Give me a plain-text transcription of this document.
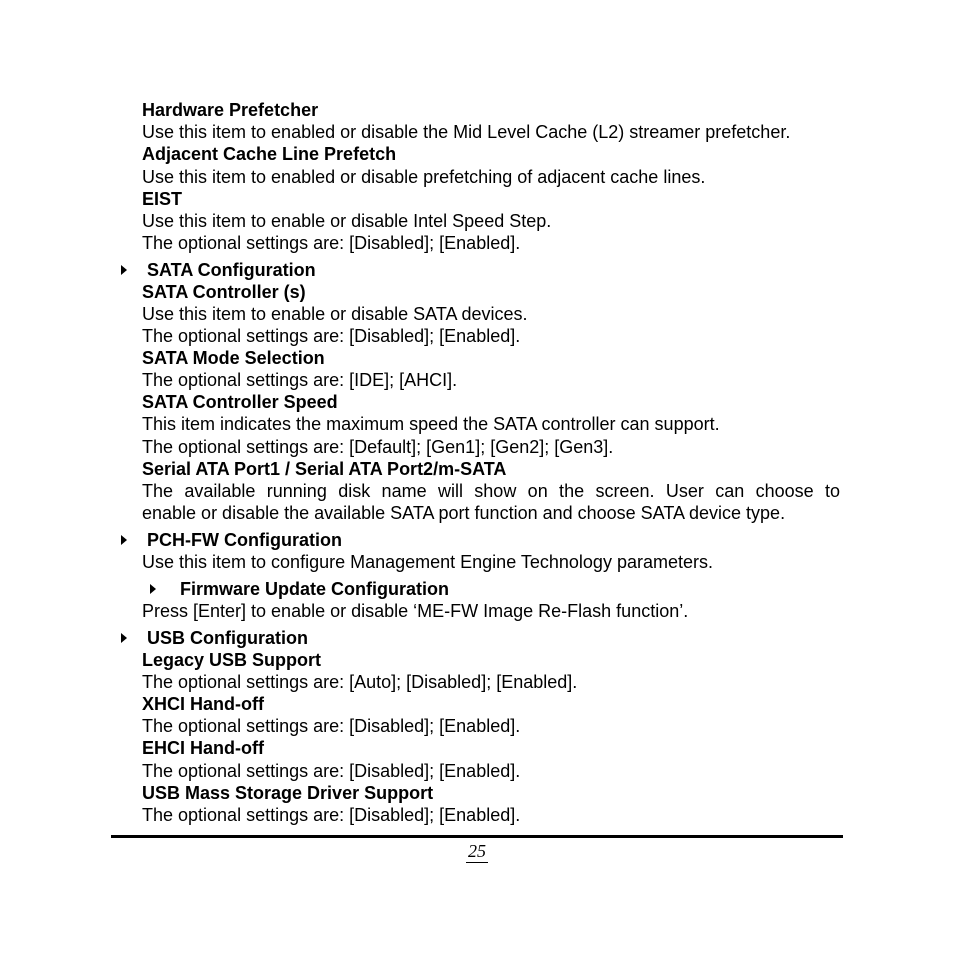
Hardware Prefetcher
Use this item to enabled or disable the Mid Level Cache (L2) streamer prefetcher.
Adjacent Cache Line Prefetch
Use this item to enabled or disable prefetching of adjacent cache lines.
EIST
Use this item to enable or disable Intel Speed Step.
The optional settings are: [Disabled]; [Enabled].
SATA Configuration
SATA Controller (s)
Use this item to enable or disable SATA devices.
The optional settings are: [Disabled]; [Enabled].
SATA Mode Selection
The optional settings are: [IDE]; [AHCI].
SATA Controller Speed
This item indicates the maximum speed the SATA controller can support.
The optional settings are: [Default]; [Gen1]; [Gen2]; [Gen3].
Serial ATA Port1 / Serial ATA Port2/m-SATA
The available running disk name will show on the screen. User can choose to
enable or disable the available SATA port function and choose SATA device type.
PCH-FW Configuration
Use this item to configure Management Engine Technology parameters.
Firmware Update Configuration
Press [Enter] to enable or disable ‘ME-FW Image Re-Flash function’.
USB Configuration
Legacy USB Support
The optional settings are: [Auto]; [Disabled]; [Enabled].
XHCI Hand-off
The optional settings are: [Disabled]; [Enabled].
EHCI Hand-off
The optional settings are: [Disabled]; [Enabled].
USB Mass Storage Driver Support
The optional settings are: [Disabled]; [Enabled].
25
